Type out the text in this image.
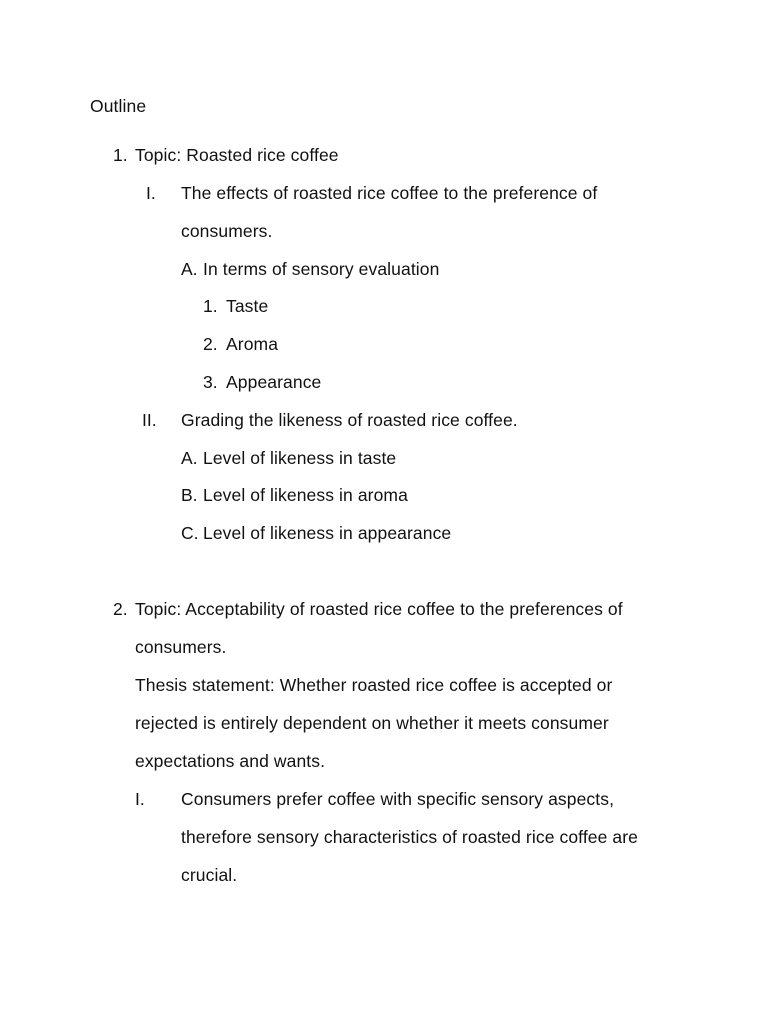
Outline
1. Topic: Roasted rice coffee
I. The effects of roasted rice coffee to the preference of
consumers.
A. In terms of sensory evaluation
1. Taste
2. Aroma
3. Appearance
II. Grading the likeness of roasted rice coffee.
A. Level of likeness in taste
B. Level of likeness in aroma
C. Level of likeness in appearance
2. Topic: Acceptability of roasted rice coffee to the preferences of
consumers.
Thesis statement: Whether roasted rice coffee is accepted or
rejected is entirely dependent on whether it meets consumer
expectations and wants.
I. Consumers prefer coffee with specific sensory aspects,
therefore sensory characteristics of roasted rice coffee are
crucial.
